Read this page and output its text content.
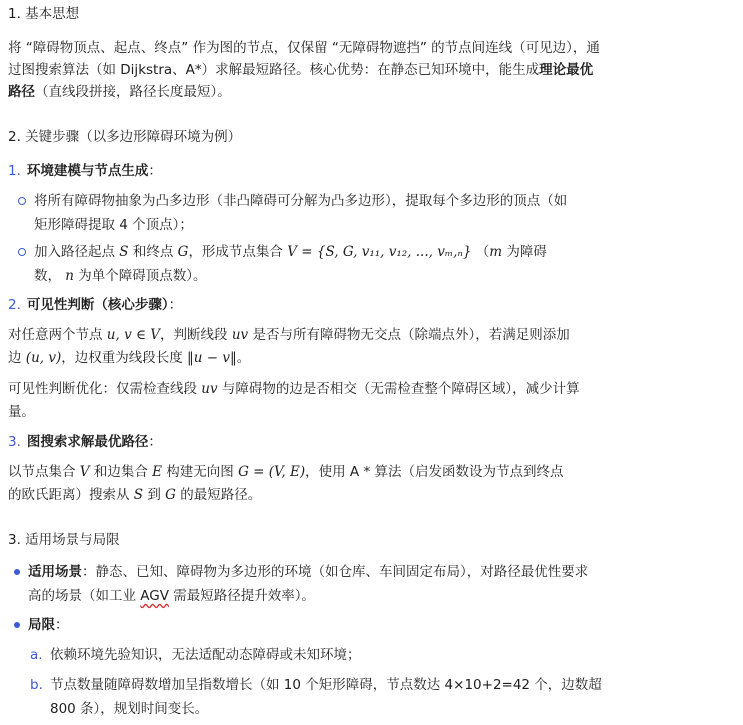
1. 基本思想
将 “障碍物顶点、起点、终点” 作为图的节点，仅保留 “无障碍物遮挡” 的节点间连线（可见边），通
过图搜索算法（如 Dijkstra、A*）求解最短路径。核心优势：在静态已知环境中，能生成理论最优
路径（直线段拼接，路径长度最短）。
2. 关键步骤（以多边形障碍环境为例）
1. 环境建模与节点生成：
将所有障碍物抽象为凸多边形（非凸障碍可分解为凸多边形），提取每个多边形的顶点（如
矩形障碍提取 4 个顶点）；
加入路径起点 S 和终点 G，形成节点集合 V = {S, G, v₁₁, v₁₂, ..., vₘ,ₙ} （m 为障碍
数， n 为单个障碍顶点数）。
2. 可见性判断（核心步骤）：
对任意两个节点 u, v ∈ V，判断线段 uv 是否与所有障碍物无交点（除端点外），若满足则添加
边 (u, v)，边权重为线段长度 ‖u − v‖。
可见性判断优化：仅需检查线段 uv 与障碍物的边是否相交（无需检查整个障碍区域），减少计算
量。
3. 图搜索求解最优路径：
以节点集合 V 和边集合 E 构建无向图 G = (V, E)，使用 A * 算法（启发函数设为节点到终点
的欧氏距离）搜索从 S 到 G 的最短路径。
3. 适用场景与局限
适用场景：静态、已知、障碍物为多边形的环境（如仓库、车间固定布局），对路径最优性要求
高的场景（如工业 AGV 需最短路径提升效率）。
局限：
a. 依赖环境先验知识，无法适配动态障碍或未知环境；
b. 节点数量随障碍数增加呈指数增长（如 10 个矩形障碍，节点数达 4×10+2=42 个，边数超
800 条），规划时间变长。
